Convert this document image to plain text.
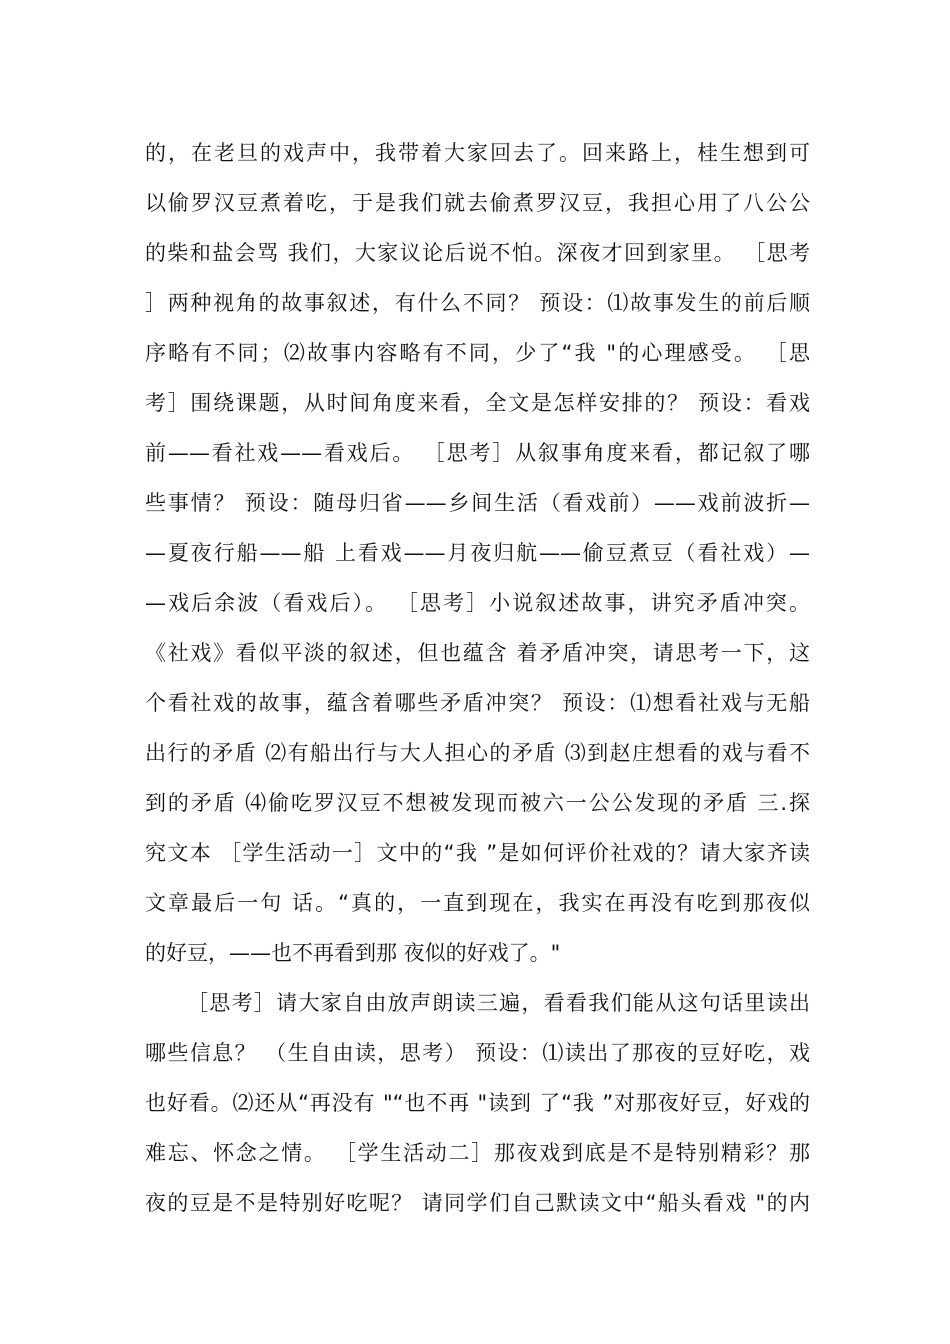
的，在老旦的戏声中，我带着大家回去了。回来路上，桂生想到可
以偷罗汉豆煮着吃，于是我们就去偷煮罗汉豆，我担心用了八公公
的柴和盐会骂 我们，大家议论后说不怕。深夜才回到家里。 ［思考
］两种视角的故事叙述，有什么不同？ 预设：⑴故事发生的前后顺
序略有不同；⑵故事内容略有不同，少了“我 "的心理感受。 ［思
考］围绕课题，从时间角度来看，全文是怎样安排的？ 预设：看戏
前——看社戏——看戏后。 ［思考］从叙事角度来看，都记叙了哪
些事情？ 预设：随母归省——乡间生活（看戏前）——戏前波折—
—夏夜行船——船 上看戏——月夜归航——偷豆煮豆（看社戏）—
—戏后余波（看戏后）。 ［思考］小说叙述故事，讲究矛盾冲突。
《社戏》看似平淡的叙述，但也蕴含 着矛盾冲突，请思考一下，这
个看社戏的故事，蕴含着哪些矛盾冲突？ 预设：⑴想看社戏与无船
出行的矛盾 ⑵有船出行与大人担心的矛盾 ⑶到赵庄想看的戏与看不
到的矛盾 ⑷偷吃罗汉豆不想被发现而被六一公公发现的矛盾 三.探
究文本 ［学生活动一］文中的“我 ”是如何评价社戏的？请大家齐读
文章最后一句 话。“真的，一直到现在，我实在再没有吃到那夜似
的好豆，——也不再看到那 夜似的好戏了。"
［思考］请大家自由放声朗读三遍，看看我们能从这句话里读出
哪些信息？ （生自由读，思考） 预设：⑴读出了那夜的豆好吃，戏
也好看。⑵还从“再没有 "“也不再 "读到 了“我 ”对那夜好豆，好戏的
难忘、怀念之情。 ［学生活动二］那夜戏到底是不是特别精彩？那
夜的豆是不是特别好吃呢？ 请同学们自己默读文中“船头看戏 "的内
